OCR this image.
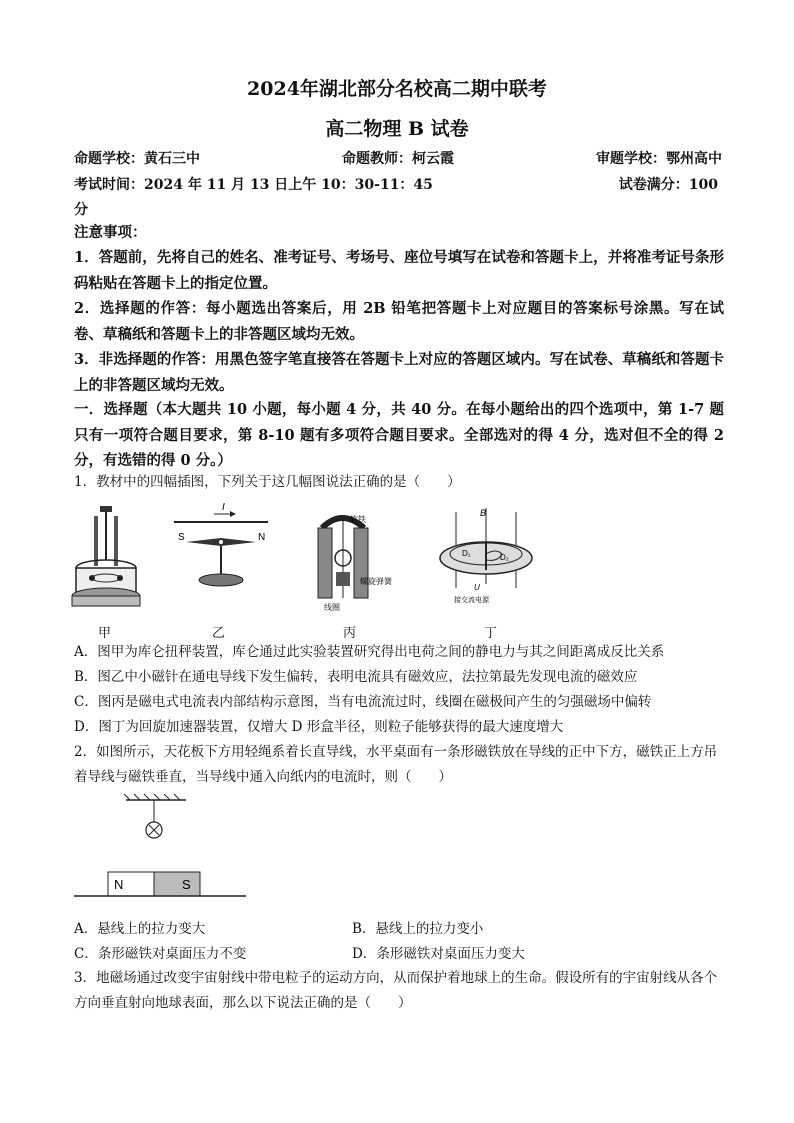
2024年湖北部分名校高二期中联考
高二物理 B 试卷
命题学校：黄石三中	命题教师：柯云霞	审题学校：鄂州高中
考试时间：2024 年 11 月 13 日上午 10：30-11：45	试卷满分：100
分
注意事项：
1．答题前，先将自己的姓名、准考证号、考场号、座位号填写在试卷和答题卡上，并将准考证号条形码粘贴在答题卡上的指定位置。
2．选择题的作答：每小题选出答案后，用 2B 铅笔把答题卡上对应题目的答案标号涂黑。写在试卷、草稿纸和答题卡上的非答题区域均无效。
3．非选择题的作答：用黑色签字笔直接答在答题卡上对应的答题区域内。写在试卷、草稿纸和答题卡上的非答题区域均无效。
一．选择题（本大题共 10 小题，每小题 4 分，共 40 分。在每小题给出的四个选项中，第 1-7 题只有一项符合题目要求，第 8-10 题有多项符合题目要求。全部选对的得 4 分，选对但不全的得 2 分，有选错的得 0 分。）
1．教材中的四幅插图，下列关于这几幅图说法正确的是（　　）
甲
I
S	N
乙
软铁
螺旋弹簧
线圈
丙
B
D₁	D₂
U
接交流电源
丁
A．图甲为库仑扭秤装置，库仑通过此实验装置研究得出电荷之间的静电力与其之间距离成反比关系
B．图乙中小磁针在通电导线下发生偏转，表明电流具有磁效应，法拉第最先发现电流的磁效应
C．图丙是磁电式电流表内部结构示意图，当有电流流过时，线圈在磁极间产生的匀强磁场中偏转
D．图丁为回旋加速器装置，仅增大 D 形盒半径，则粒子能够获得的最大速度增大
2．如图所示，天花板下方用轻绳系着长直导线，水平桌面有一条形磁铁放在导线的正中下方，磁铁正上方吊着导线与磁铁垂直，当导线中通入向纸内的电流时，则（　　）
N	S
A．悬线上的拉力变大	B．悬线上的拉力变小
C．条形磁铁对桌面压力不变	D．条形磁铁对桌面压力变大
3．地磁场通过改变宇宙射线中带电粒子的运动方向，从而保护着地球上的生命。假设所有的宇宙射线从各个方向垂直射向地球表面，那么以下说法正确的是（　　）
